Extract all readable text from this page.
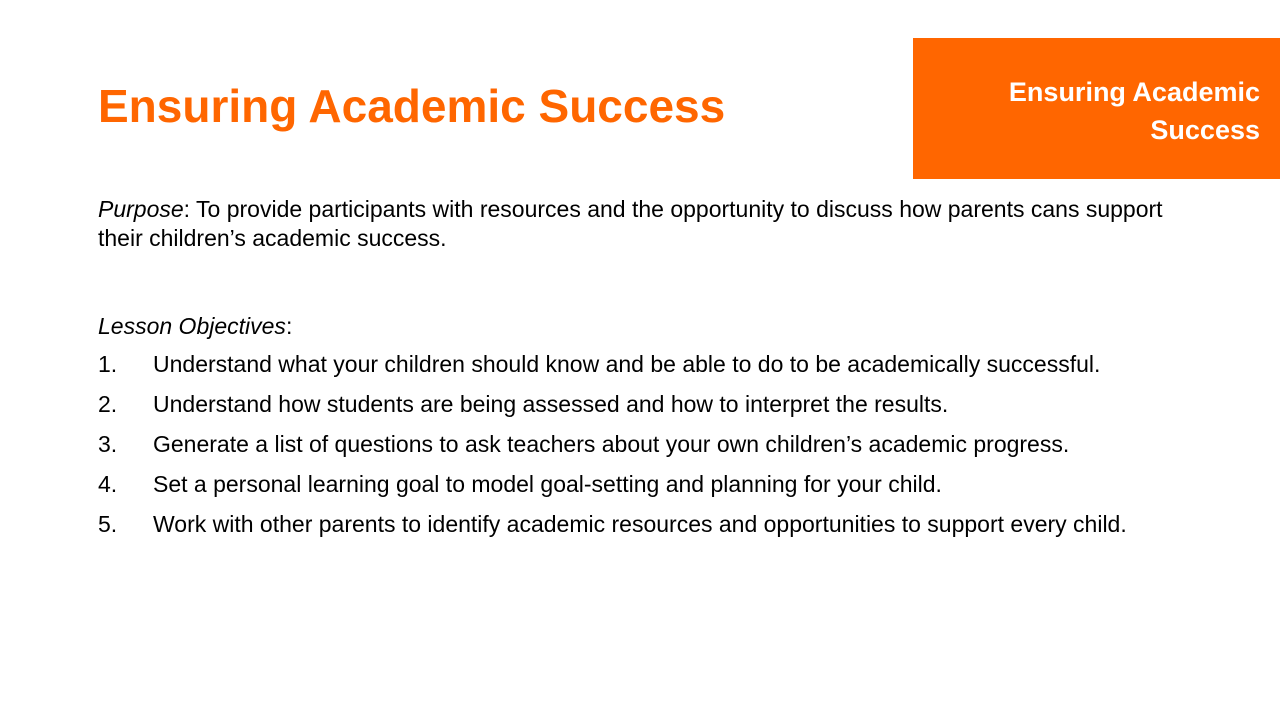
Ensuring Academic Success	Ensuring Academic Success

Purpose: To provide participants with resources and the opportunity to discuss how parents cans support their children’s academic success.

Lesson Objectives:

1.	Understand what your children should know and be able to do to be academically successful.
2.	Understand how students are being assessed and how to interpret the results.
3.	Generate a list of questions to ask teachers about your own children’s academic progress.
4.	Set a personal learning goal to model goal-setting and planning for your child.
5.	Work with other parents to identify academic resources and opportunities to support every child.
